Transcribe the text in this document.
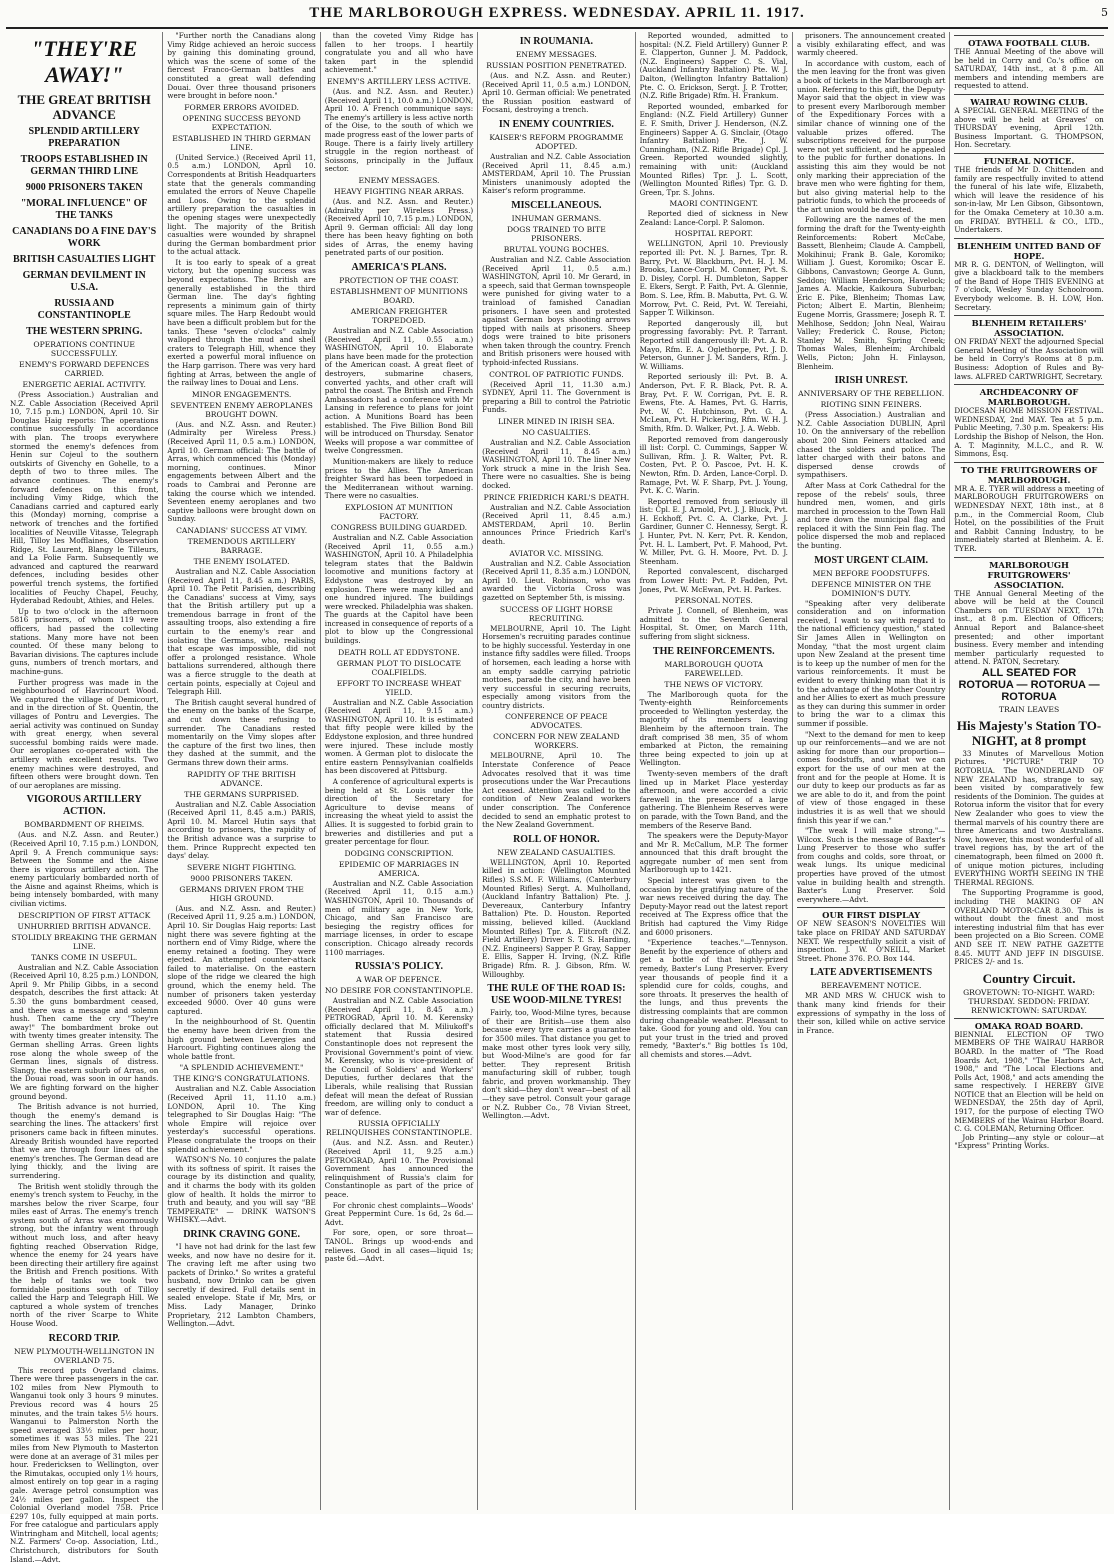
THE MARLBOROUGH EXPRESS. WEDNESDAY. APRIL 11. 1917.	5
"THEY'RE AWAY!"
THE GREAT BRITISH ADVANCE
SPLENDID ARTILLERY PREPARATION
TROOPS ESTABLISHED IN GERMAN THIRD LINE
9000 PRISONERS TAKEN
"MORAL INFLUENCE" OF THE TANKS
CANADIANS DO A FINE DAY'S WORK
BRITISH CASUALTIES LIGHT
GERMAN DEVILMENT IN U.S.A.
RUSSIA AND CONSTANTINOPLE
THE WESTERN SPRING.
OPERATIONS CONTINUE SUCCESSFULLY.
ENEMY'S FORWARD DEFENCES CARRIED.
ENERGETIC AERIAL ACTIVITY.

(Press Association.) Australian and N.Z. Cable Association (Received April 10, 7.15 p.m.) LONDON, April 10. Sir Douglas Haig reports: The operations continue successfully in accordance with plan. The troops everywhere stormed the enemy's defences from Henin sur Cojeul to the southern outskirts of Givenchy en Gohelle, to a depth of two to three miles. The advance continues. The enemy's forward defences on this front, including Vimy Ridge, which the Canadians carried and captured early this (Monday) morning, comprise a network of trenches and the fortified localities of Neuville Vitasse, Telegraph Hill, Tilloy les Mofflaines, Observation Ridge, St. Laurent, Blangy le Tilleurs, and La Folie Farm. Subsequently we advanced and captured the rearward defences, including besides other powerful trench systems, the fortified localities of Feuchy Chapel, Feuchy, Hyderabad Redoubt, Athies, and Heles.

Up to two o'clock in the afternoon 5816 prisoners, of whom 119 were officers, had passed the collecting stations. Many more have not been counted. Of these many belong to Bavarian divisions. The captures include guns, numbers of trench mortars, and machine-guns.

Further progress was made in the neighbourhood of Havrincourt Wood. We captured the village of Demicourt, and in the direction of St. Quentin, the villages of Pontru and Levergies. The aerial activity was continued on Sunday with great energy, when several successful bombing raids were made. Our aeroplanes co-operated with the artillery with excellent results. Two enemy machines were destroyed, and fifteen others were brought down. Ten of our aeroplanes are missing.

VIGOROUS ARTILLERY ACTION.
BOMBARDMENT OF RHEIMS.

(Aus. and N.Z. Assn. and Reuter.) (Received April 10, 7.15 p.m.) LONDON, April 9. A French communique says: Between the Somme and the Aisne there is vigorous artillery action. The enemy particularly bombarded north of the Aisne and against Rheims, which is being intensely bombarded, with many civilian victims.

DESCRIPTION OF FIRST ATTACK
UNHURRIED BRITISH ADVANCE.
STOLIDLY BREAKING THE GERMAN LINE.
TANKS COME IN USEFUL.

Australian and N.Z. Cable Association (Received April 10, 8.25 p.m.) LONDON, April 9. Mr Philip Gibbs, in a second despatch, describes the first attack: At 5.30 the guns bombardment ceased, and there was a message and solemn hush. Then came the cry "They're away!" The bombardment broke out with twenty times greater intensity. The German shelling Arras. Green lights rose along the whole sweep of the German lines, signals of distress. Slangy, the eastern suburb of Arras, on the Douai road, was soon in our hands. We are fighting forward on the higher ground beyond.

The British advance is not hurried, though the enemy's demand is searching the lines. The attackers' first prisoners came back in fifteen minutes. Already British wounded have reported that we are through four lines of the enemy's trenches. The German dead are lying thickly, and the living are surrendering.

The British went stolidly through the enemy's trench system to Feuchy, in the marshes below the river Scarpe, four miles east of Arras. The enemy's trench system south of Arras was enormously strong, but the infantry went through without much loss, and after heavy fighting reached Observation Ridge, whence the enemy for 24 years have been directing their artillery fire against the British and French positions. With the help of tanks we took two formidable positions south of Tilloy called the Harp and Telegraph Hill. We captured a whole system of trenches north of the river Scarpe to White House Wood.

RECORD TRIP.
NEW PLYMOUTH-WELLINGTON IN OVERLAND 75.

This record puts Overland claims. There were three passengers in the car. 102 miles from New Plymouth to Wanganui took only 3 hours 9 minutes. Previous record was 4 hours 25 minutes, and the train takes 5½ hours. Wanganui to Palmerston North the speed averaged 33½ miles per hour, sometimes it was 53 miles. The 221 miles from New Plymouth to Masterton were done at an average of 31 miles per hour. Fredericksen to Wellington, over the Rimutakas, occupied only 1½ hours, almost entirely on top gear in a raging gale. Average petrol consumption was 24½ miles per gallon. Inspect the Colonial Overland model 75B. Price £297 10s, fully equipped at main ports. For free catalogue and particulars apply Wintringham and Mitchell, local agents; N.Z. Farmers' Co-op. Association, Ltd., Christchurch, distributors for South Island.—Advt.

"Further north the Canadians along Vimy Ridge achieved an heroic success by gaining this dominating ground, which was the scene of some of the fiercest Franco-German battles and constituted a great wall defending Douai. Over three thousand prisoners were brought in before noon."

FORMER ERRORS AVOIDED.
OPENING SUCCESS BEYOND EXPECTATION.
ESTABLISHED IN THIRD GERMAN LINE.

(United Service.) (Received April 11, 0.5 a.m.) LONDON, April 10. Correspondents at British Headquarters state that the generals commanding emulated the errors of Neuve Chapelle and Loos. Owing to the splendid artillery preparation the casualties in the opening stages were unexpectedly light. The majority of the British casualties were wounded by shrapnel during the German bombardment prior to the actual attack.

It is too early to speak of a great victory, but the opening success was beyond expectations. The British are generally established in the third German line. The day's fighting represents a minimum gain of thirty square miles. The Harp Redoubt would have been a difficult problem but for the tanks. These "seven o'clocks" calmly walloped through the mud and shell craters to Telegraph Hill, whence they exerted a powerful moral influence on the Harp garrison. There was very hard fighting at Arras, between the angle of the railway lines to Douai and Lens.

MINOR ENGAGEMENTS.
SEVENTEEN ENEMY AEROPLANES BROUGHT DOWN.

(Aus. and N.Z. Assn. and Reuter.) (Admiralty per Wireless Press.) (Received April 11, 0.5 a.m.) LONDON, April 10. German official: The battle of Arras, which commenced this (Monday) morning, continues. Minor engagements between Albert and the roads to Cambrai and Peronne are taking the course which we intended. Seventeen enemy aeroplanes and two captive balloons were brought down on Sunday.

CANADIANS' SUCCESS AT VIMY.
TREMENDOUS ARTILLERY BARRAGE.
THE ENEMY ISOLATED.

Australian and N.Z. Cable Association (Received April 11, 8.45 a.m.) PARIS, April 10. The Petit Parisien, describing the Canadians' success at Vimy, says that the British artillery put up a tremendous barrage in front of the assaulting troops, also extending a fire curtain to the enemy's rear and isolating the Germans, who, realising that escape was impossible, did not offer a prolonged resistance. Whole battalions surrendered, although there was a fierce struggle to the death at certain points, especially at Cojeul and Telegraph Hill.

The British caught several hundred of the enemy on the banks of the Scarpe, and cut down these refusing to surrender. The Canadians rested momentarily on the Vimy slopes after the capture of the first two lines, then they dashed at the summit, and the Germans threw down their arms.

RAPIDITY OF THE BRITISH ADVANCE.
THE GERMANS SURPRISED.

Australian and N.Z. Cable Association (Received April 11, 8.45 a.m.) PARIS, April 10. M. Marcel Hutin says that according to prisoners, the rapidity of the British advance was a surprise to them. Prince Rupprecht expected ten days' delay.

SEVERE NIGHT FIGHTING.
9000 PRISONERS TAKEN.
GERMANS DRIVEN FROM THE HIGH GROUND.

(Aus. and N.Z. Assn. and Reuter.) (Received April 11, 9.25 a.m.) LONDON, April 10. Sir Douglas Haig reports: Last night there was severe fighting at the northern end of Vimy Ridge, where the enemy retained a footing. They were ejected. An attempted counter-attack failed to materialise. On the eastern slope of the ridge we cleared the high ground, which the enemy held. The number of prisoners taken yesterday exceeded 9000. Over 40 guns were captured.

In the neighbourhood of St. Quentin the enemy have been driven from the high ground between Levergies and Harcourt. Fighting continues along the whole battle front.

"A SPLENDID ACHIEVEMENT."
THE KING'S CONGRATULATIONS.

Australian and N.Z. Cable Association (Received April 11, 11.10 a.m.) LONDON, April 10. The King telegraphed to Sir Douglas Haig: "The whole Empire will rejoice over yesterday's successful operations. Please congratulate the troops on their splendid achievement."

WATSON'S No. 10 conjures the palate with its softness of spirit. It raises the courage by its distinction and quality, and it charms the body with its golden glow of health. It holds the mirror to truth and beauty, and you will say "BE TEMPERATE" — DRINK WATSON'S WHISKY.—Advt.

DRINK CRAVING GONE.

"I have not had drink for the last few weeks, and now have no desire for it. The craving left me after using two packets of Drinko." So writes a grateful husband, now Drinko can be given secretly if desired. Full details sent in sealed envelope. State if Mr, Mrs, or Miss. Lady Manager, Drinko Proprietary, 212 Lambton Chambers, Wellington.—Advt.

than the coveted Vimy Ridge has fallen to her troops. I heartily congratulate you and all who have taken part in the splendid achievement."

ENEMY'S ARTILLERY LESS ACTIVE.

(Aus. and N.Z. Assn. and Reuter.) (Received April 11, 10.0 a.m.) LONDON, April 10. A French communique says: The enemy's artillery is less active north of the Oise, to the south of which we made progress east of the lower parts of Rouge. There is a fairly lively artillery struggle in the region northeast of Soissons, principally in the Juffaux sector.

ENEMY MESSAGES.
HEAVY FIGHTING NEAR ARRAS.

(Aus. and N.Z. Assn. and Reuter.) (Admiralty per Wireless Press.) (Received April 10, 7.15 p.m.) LONDON, April 9. German official: All day long there has been heavy fighting on both sides of Arras, the enemy having penetrated parts of our position.

AMERICA'S PLANS.
PROTECTION OF THE COAST.
ESTABLISHMENT OF MUNITIONS BOARD.
AMERICAN FREIGHTER TORPEDOED.

Australian and N.Z. Cable Association (Received April 11, 0.55 a.m.) WASHINGTON, April 10. Elaborate plans have been made for the protection of the American coast. A great fleet of destroyers, submarine chasers, converted yachts, and other craft will patrol the coast. The British and French Ambassadors had a conference with Mr Lansing in reference to plans for joint action. A Munitions Board has been established. The Five Billion Bond Bill will be introduced on Thursday. Senator Weeks will propose a war committee of twelve Congressmen.

Munition-makers are likely to reduce prices to the Allies. The American freighter Sward has been torpedoed in the Mediterranean without warning. There were no casualties.

EXPLOSION AT MUNITION FACTORY.
CONGRESS BUILDING GUARDED.

Australian and N.Z. Cable Association (Received April 11, 0.55 a.m.) WASHINGTON, April 10. A Philadelphia telegram states that the Baldwin locomotive and munitions factory at Eddystone was destroyed by an explosion. There were many killed and one hundred injured. The buildings were wrecked. Philadelphia was shaken. The guards at the Capitol have been increased in consequence of reports of a plot to blow up the Congressional buildings.

DEATH ROLL AT EDDYSTONE.
GERMAN PLOT TO DISLOCATE COALFIELDS.
EFFORT TO INCREASE WHEAT YIELD.

Australian and N.Z. Cable Association (Received April 11, 9.15 a.m.) WASHINGTON, April 10. It is estimated that fifty people were killed by the Eddystone explosion, and three hundred were injured. These include mostly women. A German plot to dislocate the entire eastern Pennsylvanian coalfields has been discovered at Pittsburg.

A conference of agricultural experts is being held at St. Louis under the direction of the Secretary for Agriculture to devise means of increasing the wheat yield to assist the Allies. It is suggested to forbid grain to breweries and distilleries and put a greater percentage for flour.

DODGING CONSCRIPTION.
EPIDEMIC OF MARRIAGES IN AMERICA.

Australian and N.Z. Cable Association (Received April 11, 0.15 a.m.) WASHINGTON, April 10. Thousands of men of military age in New York, Chicago, and San Francisco are besieging the registry offices for marriage licenses, in order to escape conscription. Chicago already records 1100 marriages.

RUSSIA'S POLICY.
A WAR OF DEFENCE.
NO DESIRE FOR CONSTANTINOPLE.

Australian and N.Z. Cable Association (Received April 11, 8.45 a.m.) PETROGRAD, April 10. M. Kerensky officially declared that M. Miliukoff's statement that Russia desired Constantinople does not represent the Provisional Government's point of view. M. Kerensky, who is vice-president of the Council of Soldiers' and Workers' Deputies, further declares that the Liberals, while realising that Russian defeat will mean the defeat of Russian freedom, are willing only to conduct a war of defence.

RUSSIA OFFICIALLY RELINQUISHES CONSTANTINOPLE.

(Aus. and N.Z. Assn. and Reuter.) (Received April 11, 9.25 a.m.) PETROGRAD, April 10. The Provisional Government has announced the relinquishment of Russia's claim for Constantinople as part of the price of peace.

For chronic chest complaints—Woods' Great Peppermint Cure. 1s 6d, 2s 6d.—Advt.

For sore, open, or sore throat—TANOL. Brings up wood-ends and relieves. Good in all cases—liquid 1s; paste 6d.—Advt.

IN ROUMANIA.
ENEMY MESSAGES.
RUSSIAN POSITION PENETRATED.

(Aus. and N.Z. Assn. and Reuter.) (Received April 11, 0.5 a.m.) LONDON, April 10. German official: We penetrated the Russian position eastward of Focsani, destroying a trench.

IN ENEMY COUNTRIES.
KAISER'S REFORM PROGRAMME ADOPTED.

Australian and N.Z. Cable Association (Received April 11, 8.45 a.m.) AMSTERDAM, April 10. The Prussian Ministers unanimously adopted the Kaiser's reform programme.

MISCELLANEOUS.
INHUMAN GERMANS.
DOGS TRAINED TO BITE PRISONERS.
BRUTAL YOUNG BOCHES.

Australian and N.Z. Cable Association (Received April 11, 0.5 a.m.) WASHINGTON, April 10. Mr Gerard, in a speech, said that German townspeople were punished for giving water to a trainload of famished Canadian prisoners. I have seen and protested against German boys shooting arrows tipped with nails at prisoners. Sheep dogs were trained to bite prisoners when taken through the country. French and British prisoners were housed with typhoid-infected Russians.

CONTROL OF PATRIOTIC FUNDS.

(Received April 11, 11.30 a.m.) SYDNEY, April 11. The Government is preparing a Bill to control the Patriotic Funds.

LINER MINED IN IRISH SEA.
NO CASUALTIES.

Australian and N.Z. Cable Association (Received April 11, 8.45 a.m.) WASHINGTON, April 10. The liner New York struck a mine in the Irish Sea. There were no casualties. She is being docked.

PRINCE FRIEDRICH KARL'S DEATH.

Australian and N.Z. Cable Association (Received April 11, 8.45 a.m.) AMSTERDAM, April 10. Berlin announces Prince Friedrich Karl's death.

AVIATOR V.C. MISSING.

Australian and N.Z. Cable Association (Received April 11, 8.35 a.m.) LONDON, April 10. Lieut. Robinson, who was awarded the Victoria Cross was gazetted on September 5th, is missing.

SUCCESS OF LIGHT HORSE RECRUITING.

MELBOURNE, April 10. The Light Horsemen's recruiting parades continue to be highly successful. Yesterday in one instance fifty saddles were filled. Troops of horsemen, each leading a horse with an empty saddle carrying patriotic mottoes, parade the city, and have been very successful in securing recruits, especially among visitors from the country districts.

CONFERENCE OF PEACE ADVOCATES.
CONCERN FOR NEW ZEALAND WORKERS.

MELBOURNE, April 10. The Interstate Conference of Peace Advocates resolved that it was time prosecutions under the War Precautions Act ceased. Attention was called to the condition of New Zealand workers under conscription. The Conference decided to send an emphatic protest to the New Zealand Government.

ROLL OF HONOR.
NEW ZEALAND CASUALTIES.

WELLINGTON, April 10. Reported killed in action: (Wellington Mounted Rifles) S.S.M. F. Williams, (Canterbury Mounted Rifles) Sergt. A. Mulholland, (Auckland Infantry Battalion) Pte. J. Devereaux, Canterbury Infantry Battalion) Pte. D. Houston. Reported missing, believed killed. (Auckland Mounted Rifles) Tpr. A. Flitcroft (N.Z. Field Artillery) Driver S. T. S. Harding, (N.Z. Engineers) Sapper P. Gray, Sapper E. Ellis, Sapper H. Irving, (N.Z. Rifle Brigade) Rfm. R. J. Gibson, Rfm. W. Willoughby.

THE RULE OF THE ROAD IS: USE WOOD-MILNE TYRES!

Fairly, too, Wood-Milne tyres, because of their are British—use them also because every tyre carries a guarantee for 3500 miles. That distance you get to make most other tyres look very silly, but Wood-Milne's are good for far better. They represent British manufacturing skill of rubber, tough fabric, and proven workmanship. They don't skid—they don't wear—best of all—they save petrol. Consult your garage or N.Z. Rubber Co., 78 Vivian Street, Wellington.—Advt.

Reported wounded, admitted to hospital: (N.Z. Field Artillery) Gunner P. E. Clapperton, Gunner J. M. Paddock, (N.Z. Engineers) Sapper C. S. Vial, (Auckland Infantry Battalion) Pte. W. J. Dalton, (Wellington Infantry Battalion) Pte. C. O. Erickson, Sergt. J. P. Trotter, (N.Z. Rifle Brigade) Rfm. H. Frankum.

Reported wounded, embarked for England: (N.Z. Field Artillery) Gunner E. F. Smith, Driver J. Henderson, (N.Z. Engineers) Sapper A. G. Sinclair, (Otago Infantry Battalion) Pte. J. W. Cunningham, (N.Z. Rifle Brigade) Cpl. J. Green. Reported wounded slightly, remaining with unit: (Auckland Mounted Rifles) Tpr. J. L. Scott, (Wellington Mounted Rifles) Tpr. G. D. Green, Tpr. S. Johns.

MAORI CONTINGENT.

Reported died of sickness in New Zealand: Lance-Corpl. P. Salomon.

HOSPITAL REPORT.

WELLINGTON, April 10. Previously reported ill: Pvt. N. J. Barnes, Tpr. R. Barry, Pvt. W. Blackburn, Pvt. H. J. M. Brooks, Lance-Corpl. M. Conner, Pvt. S. D. Disley, Corpl. H. Dumbleton, Sapper E. Ekers, Sergt. P. Faith, Pvt. A. Glennie, Bom. S. Lee, Rfm. B. Mabutta, Pvt. G. W. Morrow, Pvt. C. Reid, Pvt. W. Tereiahi, Sapper T. Wilkinson.

Reported dangerously ill, but progressing favorably: Pvt. P. Tarrant. Reported still dangerously ill: Pvt. A. R. Mayo, Rfm. E. A. Oglethorpe, Pvt. J. D. Peterson, Gunner J. M. Sanders, Rfm. J. W. Williams.

Reported seriously ill: Pvt. B. A. Anderson, Pvt. F. R. Black, Pvt. R. A. Bray, Pvt. F. W. Corrigan, Pvt. E. R. Ewens, Fte. A. Hames, Pvt. G. Harris, Pvt. W. C. Hutchinson, Pvt. G. A. McLean, Pvt. H. Pickering, Rfm. W. H. J. Smith, Rfm. D. Walker, Pvt. J. A. Webb.

Reported removed from dangerously ill list: Corpl. C. Cummings, Sapper W. Sullivan, Rfm. J. R. Walter, Pvt. R. Costen, Pvt. P. O. Pascoe, Pvt. H. K. Newton, Rfm. D. Arden, Lance-Corpl. D. Ramage, Pvt. W. F. Sharp, Pvt. J. Young, Pvt. K. C. Warin.

Reported removed from seriously ill list: Cpl. E. J. Arnold, Pvt. J. J. Bluck, Pvt. H. Eckhoff, Pvt. C. A. Clarke, Pvt. J. Gardiner, Gunner C. Hennessy, Sergt. R. J. Hunter, Pvt. N. Kerr, Pvt. R. Kendon, Pvt. H. L. Lambert, Pvt. F. Mahood, Pvt. W. Miller, Pvt. G. H. Moore, Pvt. D. J. Steenham.

Reported convalescent, discharged from Lower Hutt: Pvt. P. Fadden, Pvt. Jones, Pvt. W. McEwan, Pvt. H. Parkes.

PERSONAL NOTES.

Private J. Connell, of Blenheim, was admitted to the Seventh General Hospital, St. Omer, on March 11th, suffering from slight sickness.

THE REINFORCEMENTS.
MARLBOROUGH QUOTA FAREWELLED.
THE NEWS OF VICTORY.

The Marlborough quota for the Twenty-eighth Reinforcements proceeded to Wellington yesterday, the majority of its members leaving Blenheim by the afternoon train. The draft comprised 38 men, 35 of whom embarked at Picton, the remaining three being expected to join up at Wellington.

Twenty-seven members of the draft lined up in Market Place yesterday afternoon, and were accorded a civic farewell in the presence of a large gathering. The Blenheim Reserves were on parade, with the Town Band, and the members of the Reserve Band.

The speakers were the Deputy-Mayor and Mr R. McCallum, M.P. The former announced that this draft brought the aggregate number of men sent from Marlborough up to 1421.

Special interest was given to the occasion by the gratifying nature of the war news received during the day. The Deputy-Mayor read out the latest report received at The Express office that the British had captured the Vimy Ridge and 6000 prisoners.

"Experience teaches."—Tennyson. Benefit by the experience of others and get a bottle of that highly-prized remedy, Baxter's Lung Preserver. Every year thousands of people find it a splendid cure for colds, coughs, and sore throats. It preserves the health of the lungs, and thus prevents the distressing complaints that are common during changeable weather. Pleasant to take. Good for young and old. You can put your trust in the tried and proved remedy, "Baxter's." Big bottles 1s 10d, all chemists and stores.—Advt.

prisoners. The announcement created a visibly exhilarating effect, and was warmly cheered.

In accordance with custom, each of the men leaving for the front was given a book of tickets in the Marlborough art union. Referring to this gift, the Deputy-Mayor said that the object in view was to present every Marlborough member of the Expeditionary Forces with a similar chance of winning one of the valuable prizes offered. The subscriptions received for the purpose were not yet sufficient, and he appealed to the public for further donations. In assisting this aim they would be not only marking their appreciation of the brave men who were fighting for them, but also giving material help to the patriotic funds, to which the proceeds of the art union would be devoted.

Following are the names of the men forming the draft for the Twenty-eighth Reinforcements: Robert McCabe, Bassett, Blenheim; Claude A. Campbell, Mokihinui; Frank B. Gale, Koromiko; William J. Guest, Koromiko; Oscar E. Gibbons, Canvastown; George A. Gunn, Seddon; William Henderson, Havelock; James A. Mackie, Kaikoura Suburban; Eric E. Pike, Blenheim; Thomas Law, Picton; Albert E. Martin, Blenheim; Eugene Morris, Grassmere; Joseph R. T. Mehlhose, Seddon; John Neal, Wairau Valley; Frederick C. Rouse, Picton; Stanley M. Smith, Spring Creek; Thomas Wales, Blenheim; Archibald Wells, Picton; John H. Finlayson, Blenheim.

IRISH UNREST.
ANNIVERSARY OF THE REBELLION.
RIOTING SINN FEINERS.

(Press Association.) Australian and N.Z. Cable Association DUBLIN, April 10. On the anniversary of the rebellion about 200 Sinn Feiners attacked and chased the soldiers and police. The latter charged with their batons and dispersed dense crowds of sympathisers.

After Mass at Cork Cathedral for the repose of the rebels' souls, three hundred men, women, and girls marched in procession to the Town Hall and tore down the municipal flag and replaced it with the Sinn Fein flag. The police dispersed the mob and replaced the bunting.

MOST URGENT CLAIM.
MEN BEFORE FOODSTUFFS.
DEFENCE MINISTER ON THE DOMINION'S DUTY.

"Speaking after very deliberate consideration and on information received, I want to say with regard to the national efficiency question," stated Sir James Allen in Wellington on Monday, "that the most urgent claim upon New Zealand at the present time is to keep up the number of men for the various reinforcements. It must be evident to every thinking man that it is to the advantage of the Mother Country and her Allies to exert as much pressure as they can during this summer in order to bring the war to a climax this summer if possible.

"Next to the demand for men to keep up our reinforcements—and we are not asking for more than our proportion—comes foodstuffs, and what we can export for the use of our men at the front and for the people at Home. It is our duty to keep our products as far as we are able to do it, and from the point of view of those engaged in these industries it is as well that we should finish this year if we can."

"The weak I will make strong."—Wilcox. Such is the message of Baxter's Lung Preserver to those who suffer from coughs and colds, sore throat, or weak lungs. Its unique medicinal properties have proved of the utmost value in building health and strength. Baxter's Lung Preserver. Sold everywhere.—Advt.

OUR FIRST DISPLAY
OF NEW SEASON'S NOVELTIES Will take place on FRIDAY AND SATURDAY NEXT. We respectfully solicit a visit of inspection. J. W. O'NEILL, Market Street. Phone 376. P.O. Box 144.
LATE ADVERTISEMENTS
BEREAVEMENT NOTICE.

MR AND MRS W. CHUCK wish to thank many kind friends for their expressions of sympathy in the loss of their son, killed while on active service in France.

OTAWA FOOTBALL CLUB.
THE Annual Meeting of the above will be held in Corry and Co.'s office on SATURDAY, 14th inst., at 8 p.m. All members and intending members are requested to attend.
WAIRAU ROWING CLUB.
A SPECIAL GENERAL MEETING of the above will be held at Greaves' on THURSDAY evening, April 12th. Business Important. G. THOMPSON, Hon. Secretary.
FUNERAL NOTICE.
THE friends of Mr D. Chittenden and family are respectfully invited to attend the funeral of his late wife, Elizabeth, which will leave the residence of his son-in-law, Mr Len Gibson, Gibsontown, for the Omaka Cemetery at 10.30 a.m. on FRIDAY. BYTHELL & CO., LTD., Undertakers.
BLENHEIM UNITED BAND OF HOPE.
MR R. G. DENTON, of Wellington, will give a blackboard talk to the members of the Band of Hope THIS EVENING at 7 o'clock, Wesley Sunday Schoolroom. Everybody welcome. B. H. LOW, Hon. Secretary.
BLENHEIM RETAILERS' ASSOCIATION.
ON FRIDAY NEXT the adjourned Special General Meeting of the Association will be held in Corry's Rooms at 8 p.m. Business: Adoption of Rules and By-laws. ALFRED CARTWRIGHT, Secretary.
ARCHDEACONRY OF MARLBOROUGH.
DIOCESAN HOME MISSION FESTIVAL. WEDNESDAY, 2nd MAY. Tea at 5 p.m. Public Meeting, 7.30 p.m. Speakers: His Lordship the Bishop of Nelson, the Hon. A. T. Maginnity, M.L.C., and R. W. Simmons, Esq.
TO THE FRUITGROWERS OF MARLBOROUGH.
MR A. E. TYER will address a meeting of MARLBOROUGH FRUITGROWERS on WEDNESDAY NEXT, 18th inst., at 8 p.m., in the Commercial Room, Club Hotel, on the possibilities of the Fruit and Rabbit Canning Industry, to be immediately started at Blenheim. A. E. TYER.
MARLBOROUGH FRUITGROWERS' ASSOCIATION.
THE Annual General Meeting of the above will be held at the Council Chambers on TUESDAY NEXT, 17th inst., at 8 p.m. Election of Officers; Annual Report and Balance-sheet presented; and other important business. Every member and intending member particularly requested to attend. N. PATON, Secretary.
ALL SEATED FOR ROTORUA — ROTORUA — ROTORUA
TRAIN LEAVES
His Majesty's Station TO-NIGHT, at 8 prompt

33 Minutes of Marvellous Motion Pictures. "PICTURE" TRIP TO ROTORUA. The WONDERLAND OF NEW ZEALAND has, strange to say, been visited by comparatively few residents of the Dominion. The guides at Rotorua inform the visitor that for every New Zealander who goes to view the thermal marvels of his country there are three Americans and two Australians. Now, however, this most wonderful of all travel regions has, by the art of the cinematograph, been filmed on 2000 ft. of unique motion pictures, including EVERYTHING WORTH SEEING IN THE THERMAL REGIONS.

The Supporting Programme is good, including THE MAKING OF AN OVERLAND MOTOR-CAR 8.30. This is without doubt the finest and most interesting industrial film that has ever been projected on a Bio Screen. COME AND SEE IT. NEW PATHE GAZETTE 8.45. MUTT AND JEFF IN DISGUISE. PRICES 2/- and 1s.

Country Circuit.
GROVETOWN: TO-NIGHT. WARD: THURSDAY. SEDDON: FRIDAY. RENWICKTOWN: SATURDAY.
OMAKA ROAD BOARD.
BIENNIAL ELECTION OF TWO MEMBERS OF THE WAIRAU HARBOR BOARD. In the matter of "The Road Boards Act, 1908," "The Harbors Act, 1908," and "The Local Elections and Polls Act, 1908," and acts amending the same respectively. I HEREBY GIVE NOTICE that an Election will be held on WEDNESDAY, the 25th day of April, 1917, for the purpose of electing TWO MEMBERS of the Wairau Harbor Board. C. G. COLEMAN, Returning Officer.

Job Printing—any style or colour—at "Express" Printing Works.
